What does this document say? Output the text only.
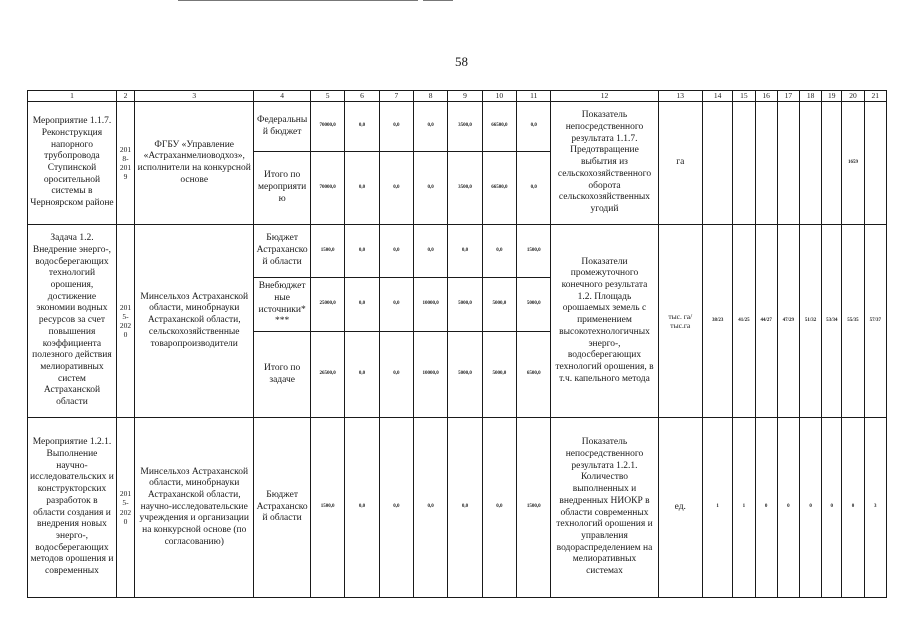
58
1	2	3	4	5	6	7	8	9	10	11	12	13	14	15	16	17	18	19	20	21
Мероприятие 1.1.7. Реконструкция напорного трубопровода Ступинской оросительной системы в Черноярском районе	2018-2019	ФГБУ «Управление «Астраханмелиоводхоз», исполнители на конкурсной основе	Федеральный бюджет	70000,0	0,0	0,0	0,0	3500,0	66500,0	0,0	Показатель непосредственного результата 1.1.7. Предотвращение выбытия из сельскохозяйственного оборота сельскохозяйственных угодий	га							1659	
			Итого по мероприятию	70000,0	0,0	0,0	0,0	3500,0	66500,0	0,0										
Задача 1.2. Внедрение энерго-, водосберегающих технологий орошения, достижение экономии водных ресурсов за счет повышения коэффициента полезного действия мелиоративных систем Астраханской области	2015-2020	Минсельхоз Астраханской области, минобрнауки Астраханской области, сельскохозяйственные товаропроизводители	Бюджет Астраханской области	1500,0	0,0	0,0	0,0	0,0	0,0	1500,0	Показатели промежуточного конечного результата 1.2. Площадь орошаемых земель с применением высокотехнологичных энерго-, водосберегающих технологий орошения, в т.ч. капельного метода	тыс. га/ тыс.га	38/23	41/25	44/27	47/29	51/32	53/34	55/35	57/37
			Внебюджетные источники****	25000,0	0,0	0,0	10000,0	5000,0	5000,0	5000,0										
			Итого по задаче	26500,0	0,0	0,0	10000,0	5000,0	5000,0	6500,0										
Мероприятие 1.2.1. Выполнение научно-исследовательских и конструкторских разработок в области создания и внедрения новых энерго-, водосберегающих методов орошения и современных	2015-2020	Минсельхоз Астраханской области, минобрнауки Астраханской области, научно-исследовательские учреждения и организации на конкурсной основе (по согласованию)	Бюджет Астраханской области	1500,0	0,0	0,0	0,0	0,0	0,0	1500,0	Показатель непосредственного результата 1.2.1. Количество выполненных и внедренных НИОКР в области современных технологий орошения и управления водораспределением на мелиоративных системах	ед.	1	1	0	0	0	0	0	3
